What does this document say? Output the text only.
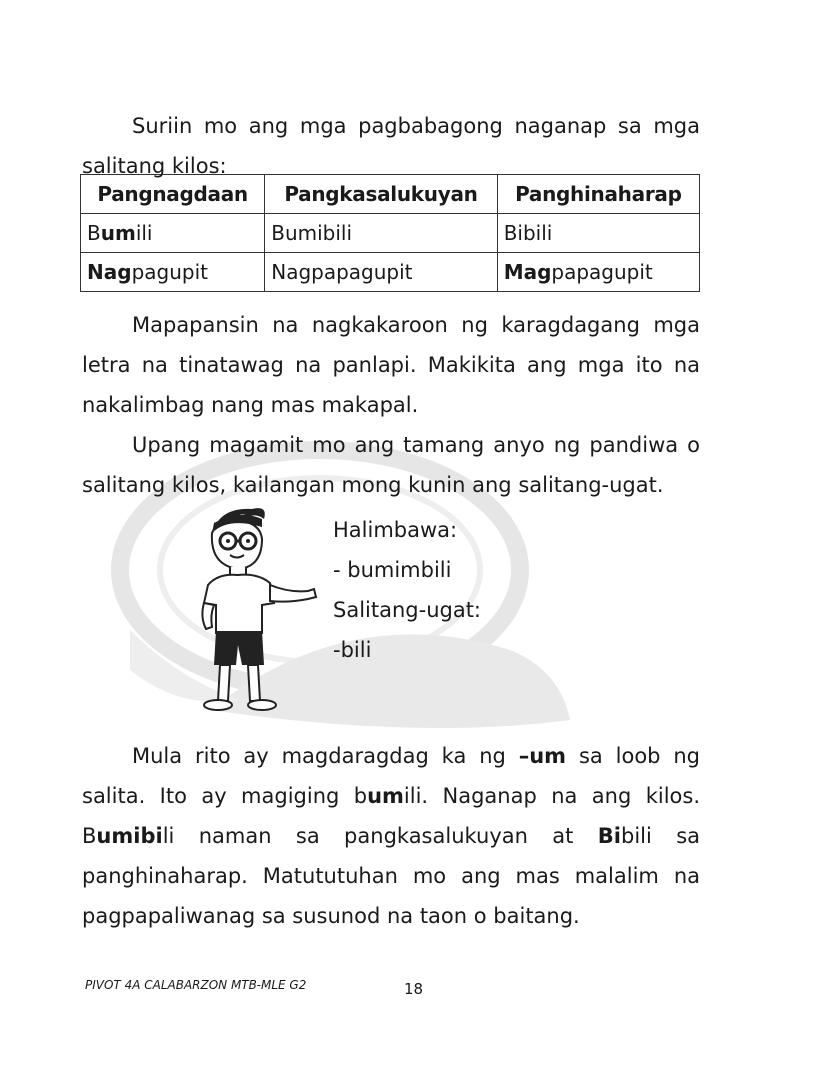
Suriin mo ang mga pagbabagong naganap sa mga salitang kilos:

Pangnagdaan	Pangkasalukuyan	Panghinaharap
Bumili	Bumibili	Bibili
Nagpagupit	Nagpapagupit	Magpapagupit

Mapapansin na nagkakaroon ng karagdagang mga letra na tinatawag na panlapi. Makikita ang mga ito na nakalimbag nang mas makapal.

Upang magamit mo ang tamang anyo ng pandiwa o salitang kilos, kailangan mong kunin ang salitang-ugat.

Halimbawa:
- bumimbili
Salitang-ugat:
-bili

Mula rito ay magdaragdag ka ng –um sa loob ng salita. Ito ay magiging bumili. Naganap na ang kilos. Bumibili naman sa pangkasalukuyan at Bibili sa panghinaharap. Matututuhan mo ang mas malalim na pagpapaliwanag sa susunod na taon o baitang.

PIVOT 4A CALABARZON MTB-MLE G2	18
